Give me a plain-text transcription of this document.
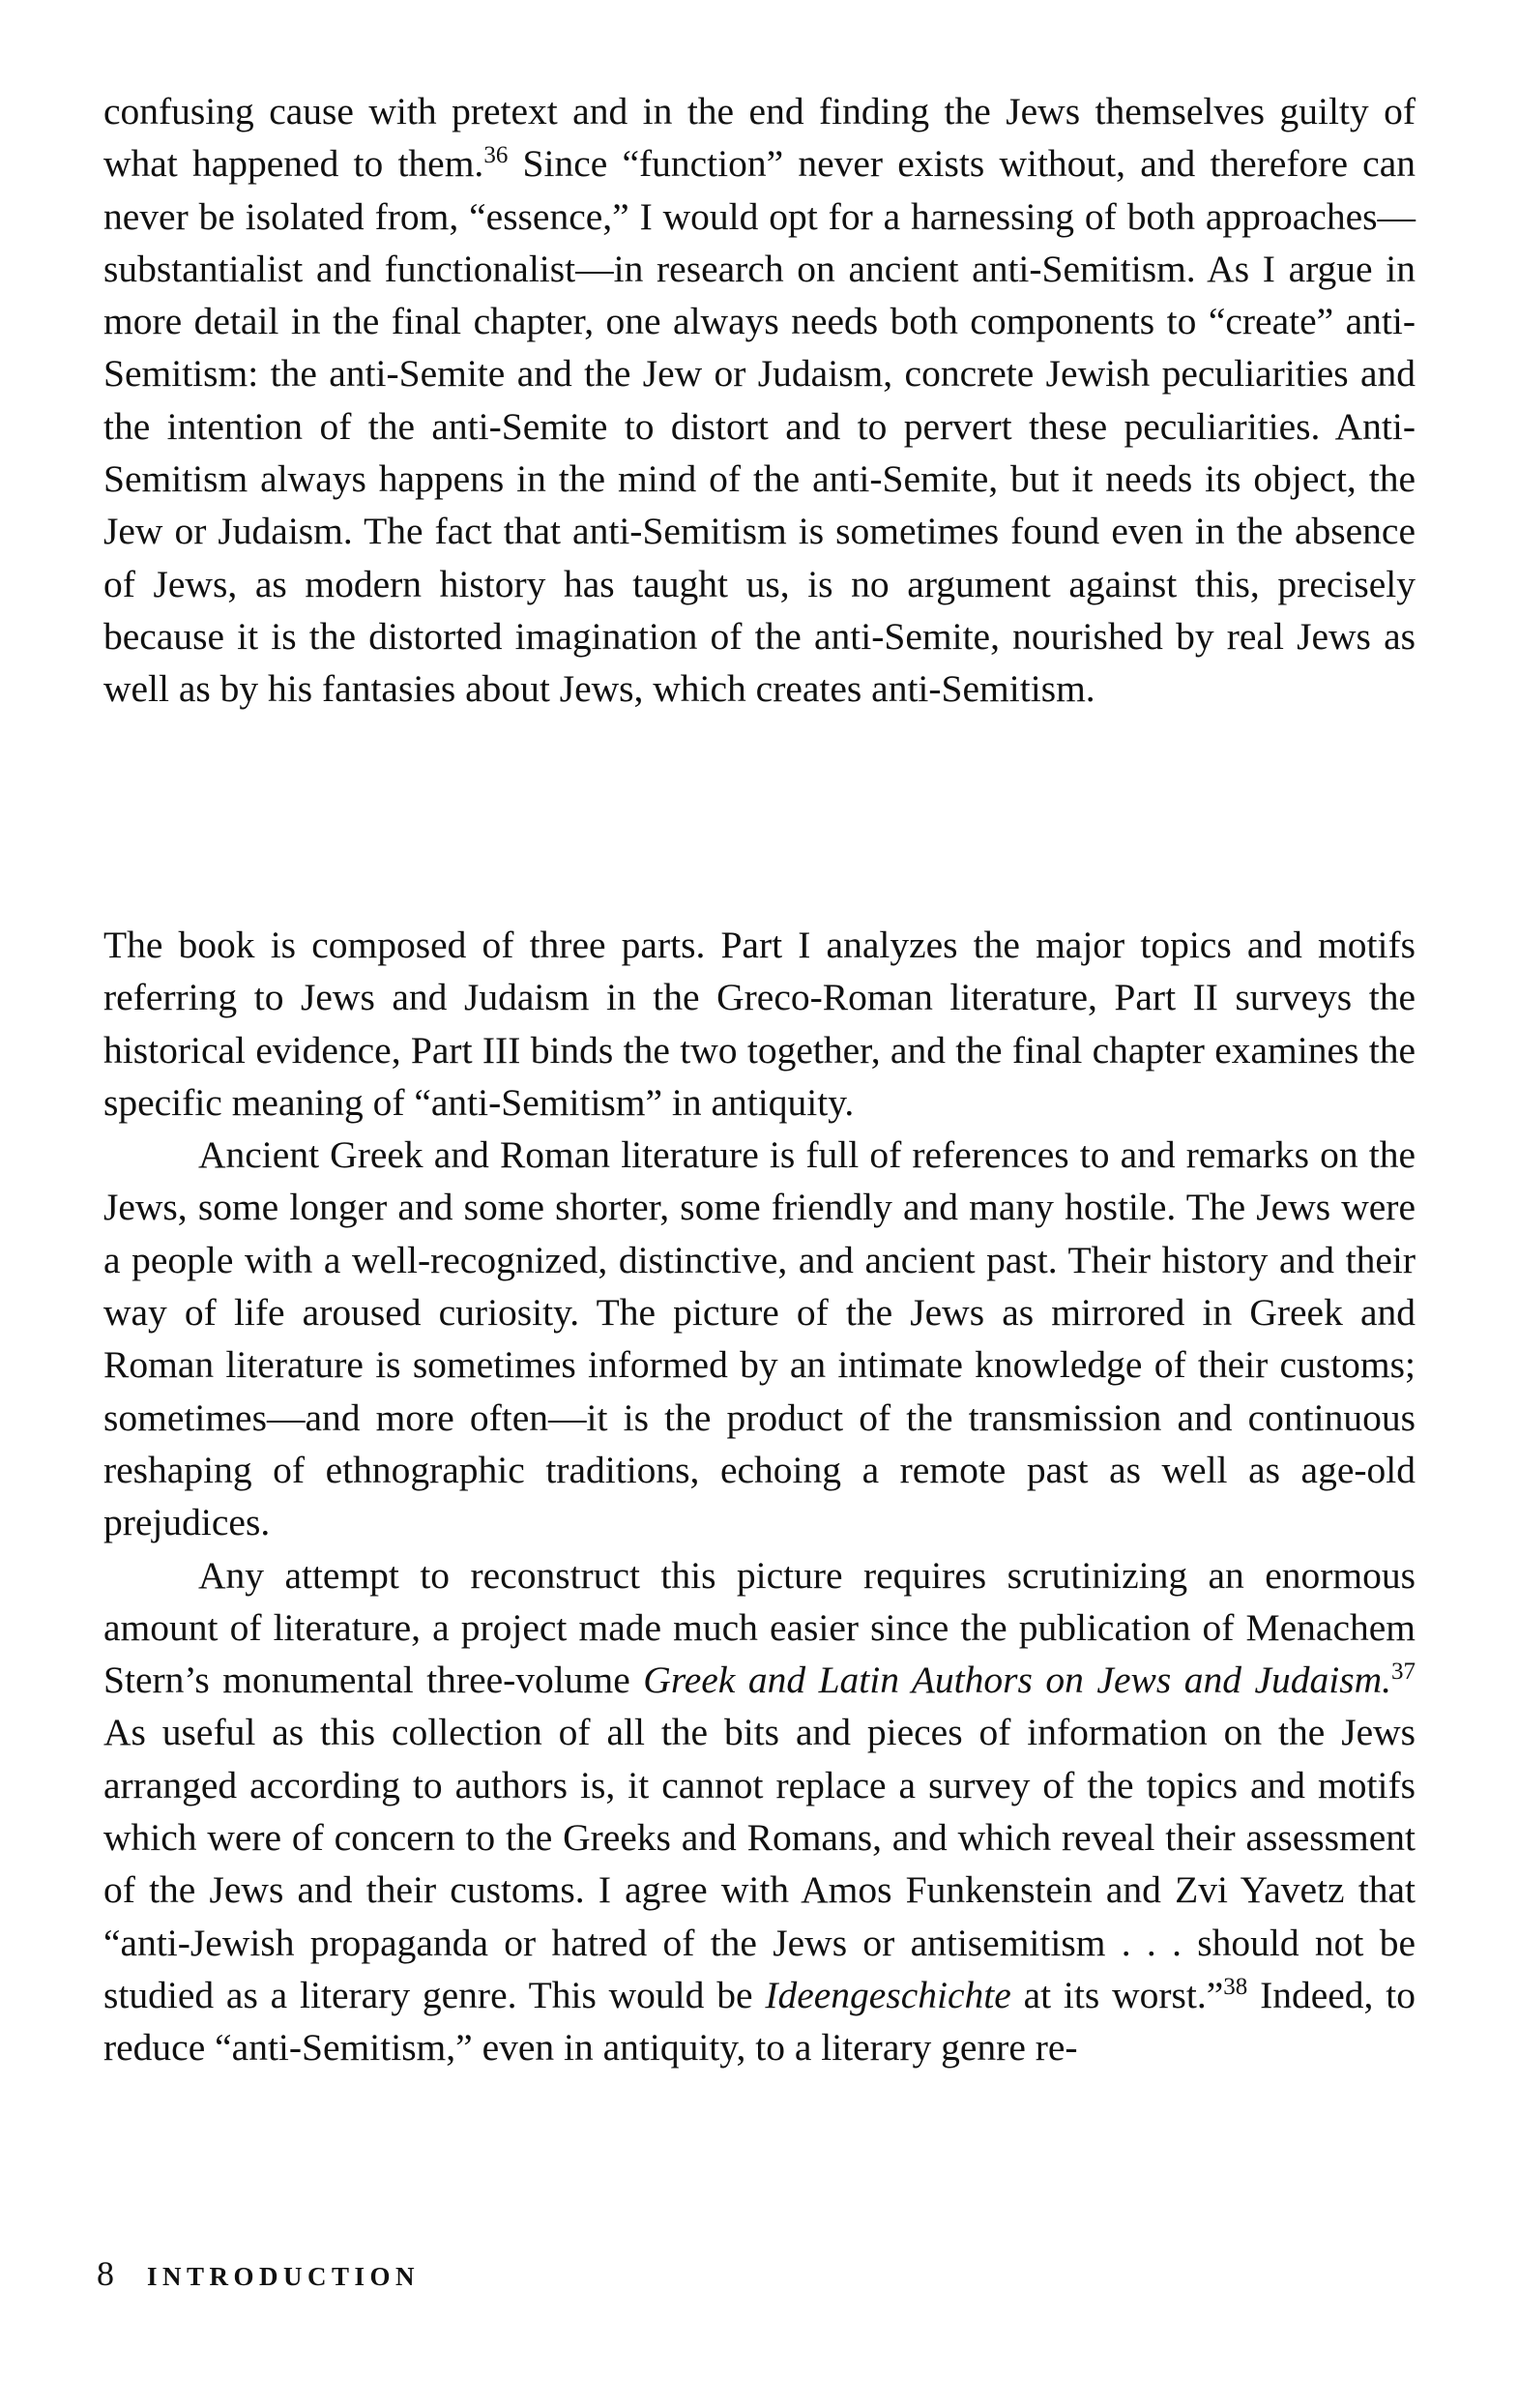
confusing cause with pretext and in the end finding the Jews themselves guilty of what happened to them.$^{36}$ Since “function” never exists without, and therefore can never be isolated from, “essence,” I would opt for a harnessing of both approaches—substantialist and functionalist—in research on ancient anti-Semitism. As I argue in more detail in the final chapter, one always needs both components to “create” anti-Semitism: the anti-Semite and the Jew or Judaism, concrete Jewish peculiarities and the intention of the anti-Semite to distort and to pervert these peculiarities. Anti-Semitism always happens in the mind of the anti-Semite, but it needs its object, the Jew or Judaism. The fact that anti-Semitism is sometimes found even in the absence of Jews, as modern history has taught us, is no argument against this, precisely because it is the distorted imagination of the anti-Semite, nourished by real Jews as well as by his fantasies about Jews, which creates anti-Semitism.

The book is composed of three parts. Part I analyzes the major topics and motifs referring to Jews and Judaism in the Greco-Roman literature, Part II surveys the historical evidence, Part III binds the two together, and the final chapter examines the specific meaning of “anti-Semitism” in antiquity.

Ancient Greek and Roman literature is full of references to and remarks on the Jews, some longer and some shorter, some friendly and many hostile. The Jews were a people with a well-recognized, distinctive, and ancient past. Their history and their way of life aroused curiosity. The picture of the Jews as mirrored in Greek and Roman literature is sometimes informed by an intimate knowledge of their customs; sometimes—and more often—it is the product of the transmission and continuous reshaping of ethnographic traditions, echoing a remote past as well as age-old prejudices.

Any attempt to reconstruct this picture requires scrutinizing an enormous amount of literature, a project made much easier since the publication of Menachem Stern’s monumental three-volume Greek and Latin Authors on Jews and Judaism.$^{37}$ As useful as this collection of all the bits and pieces of information on the Jews arranged according to authors is, it cannot replace a survey of the topics and motifs which were of concern to the Greeks and Romans, and which reveal their assessment of the Jews and their customs. I agree with Amos Funkenstein and Zvi Yavetz that “anti-Jewish propaganda or hatred of the Jews or antisemitism . . . should not be studied as a literary genre. This would be Ideengeschichte at its worst.”$^{38}$ Indeed, to reduce “anti-Semitism,” even in antiquity, to a literary genre re-

8 INTRODUCTION
